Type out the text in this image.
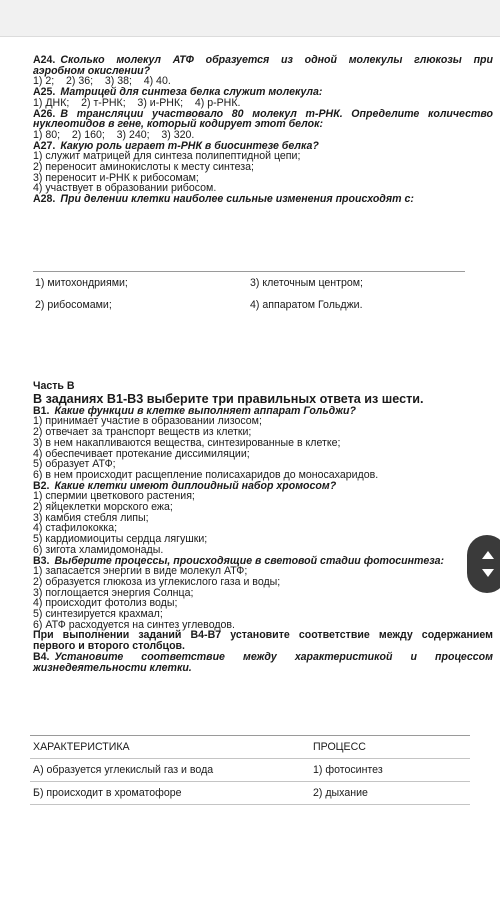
A24. Сколько молекул АТФ образуется из одной молекулы глюкозы при
аэробном окислении?
1) 2;    2) 36;    3) 38;    4) 40.
A25. Матрицей для синтеза белка служит молекула:
1) ДНК;    2) т-РНК;    3) и-РНК;    4) р-РНК.
A26. В трансляции участвовало 80 молекул т-РНК. Определите количество
нуклеотидов в гене, который кодирует этот белок:
1) 80;    2) 160;    3) 240;    3) 320.
A27. Какую роль играет т-РНК в биосинтезе белка?
1) служит матрицей для синтеза полипептидной цепи;
2) переносит аминокислоты к месту синтеза;
3) переносит и-РНК к рибосомам;
4) участвует в образовании рибосом.
A28. При делении клетки наиболее сильные изменения происходят с:
1) митохондриями;	3) клеточным центром;
2) рибосомами;	4) аппаратом Гольджи.
Часть В
В заданиях В1-В3 выберите три правильных ответа из шести.
B1. Какие функции в клетке выполняет аппарат Гольджи?
1) принимает участие в образовании лизосом;
2) отвечает за транспорт веществ из клетки;
3) в нем накапливаются вещества, синтезированные в клетке;
4) обеспечивает протекание диссимиляции;
5) образует АТФ;
6) в нем происходит расщепление полисахаридов до моносахаридов.
B2. Какие клетки имеют диплоидный набор хромосом?
1) спермии цветкового растения;
2) яйцеклетки морского ежа;
3) камбия стебля липы;
4) стафилококка;
5) кардиомиоциты сердца лягушки;
6) зигота хламидомонады.
B3. Выберите процессы, происходящие в световой стадии фотосинтеза:
1) запасается энергии в виде молекул АТФ;
2) образуется глюкоза из углекислого газа и воды;
3) поглощается энергия Солнца;
4) происходит фотолиз воды;
5) синтезируется крахмал;
6) АТФ расходуется на синтез углеводов.
При выполнении заданий В4-В7 установите соответствие между содержанием
первого и второго столбцов.
B4. Установите соответствие между характеристикой и процессом
жизнедеятельности клетки.
ХАРАКТЕРИСТИКА	ПРОЦЕСС
А) образуется углекислый газ и вода	1) фотосинтез
Б) происходит в хроматофоре	2) дыхание
